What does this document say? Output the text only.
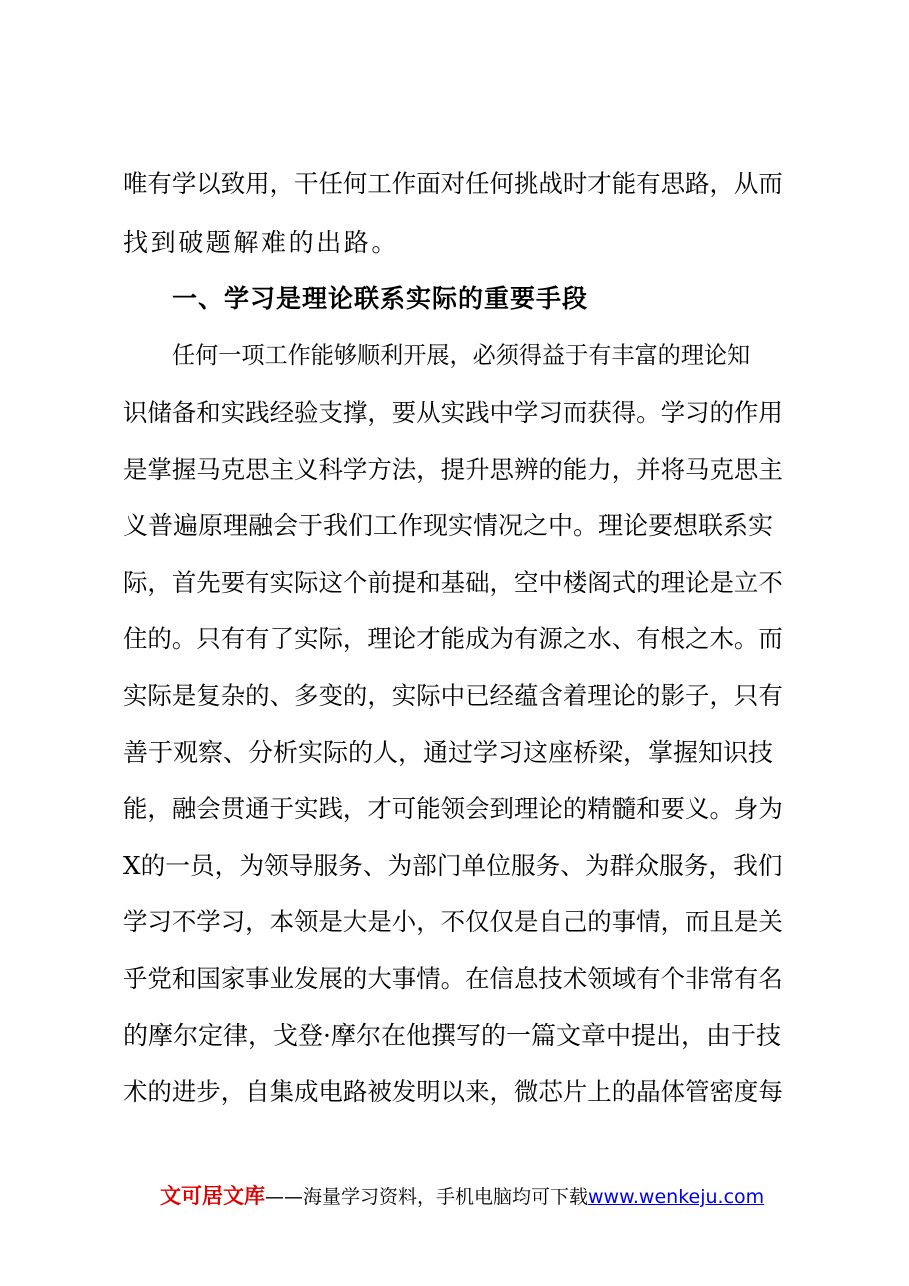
唯有学以致用，干任何工作面对任何挑战时才能有思路，从而
找到破题解难的出路。
一、学习是理论联系实际的重要手段
任何一项工作能够顺利开展，必须得益于有丰富的理论知
识储备和实践经验支撑，要从实践中学习而获得。学习的作用
是掌握马克思主义科学方法，提升思辨的能力，并将马克思主
义普遍原理融会于我们工作现实情况之中。理论要想联系实
际，首先要有实际这个前提和基础，空中楼阁式的理论是立不
住的。只有有了实际，理论才能成为有源之水、有根之木。而
实际是复杂的、多变的，实际中已经蕴含着理论的影子，只有
善于观察、分析实际的人，通过学习这座桥梁，掌握知识技
能，融会贯通于实践，才可能领会到理论的精髓和要义。身为
X的一员，为领导服务、为部门单位服务、为群众服务，我们
学习不学习，本领是大是小，不仅仅是自己的事情，而且是关
乎党和国家事业发展的大事情。在信息技术领域有个非常有名
的摩尔定律，戈登·摩尔在他撰写的一篇文章中提出，由于技
术的进步，自集成电路被发明以来，微芯片上的晶体管密度每
文可居文库——海量学习资料，手机电脑均可下载www.wenkeju.com
